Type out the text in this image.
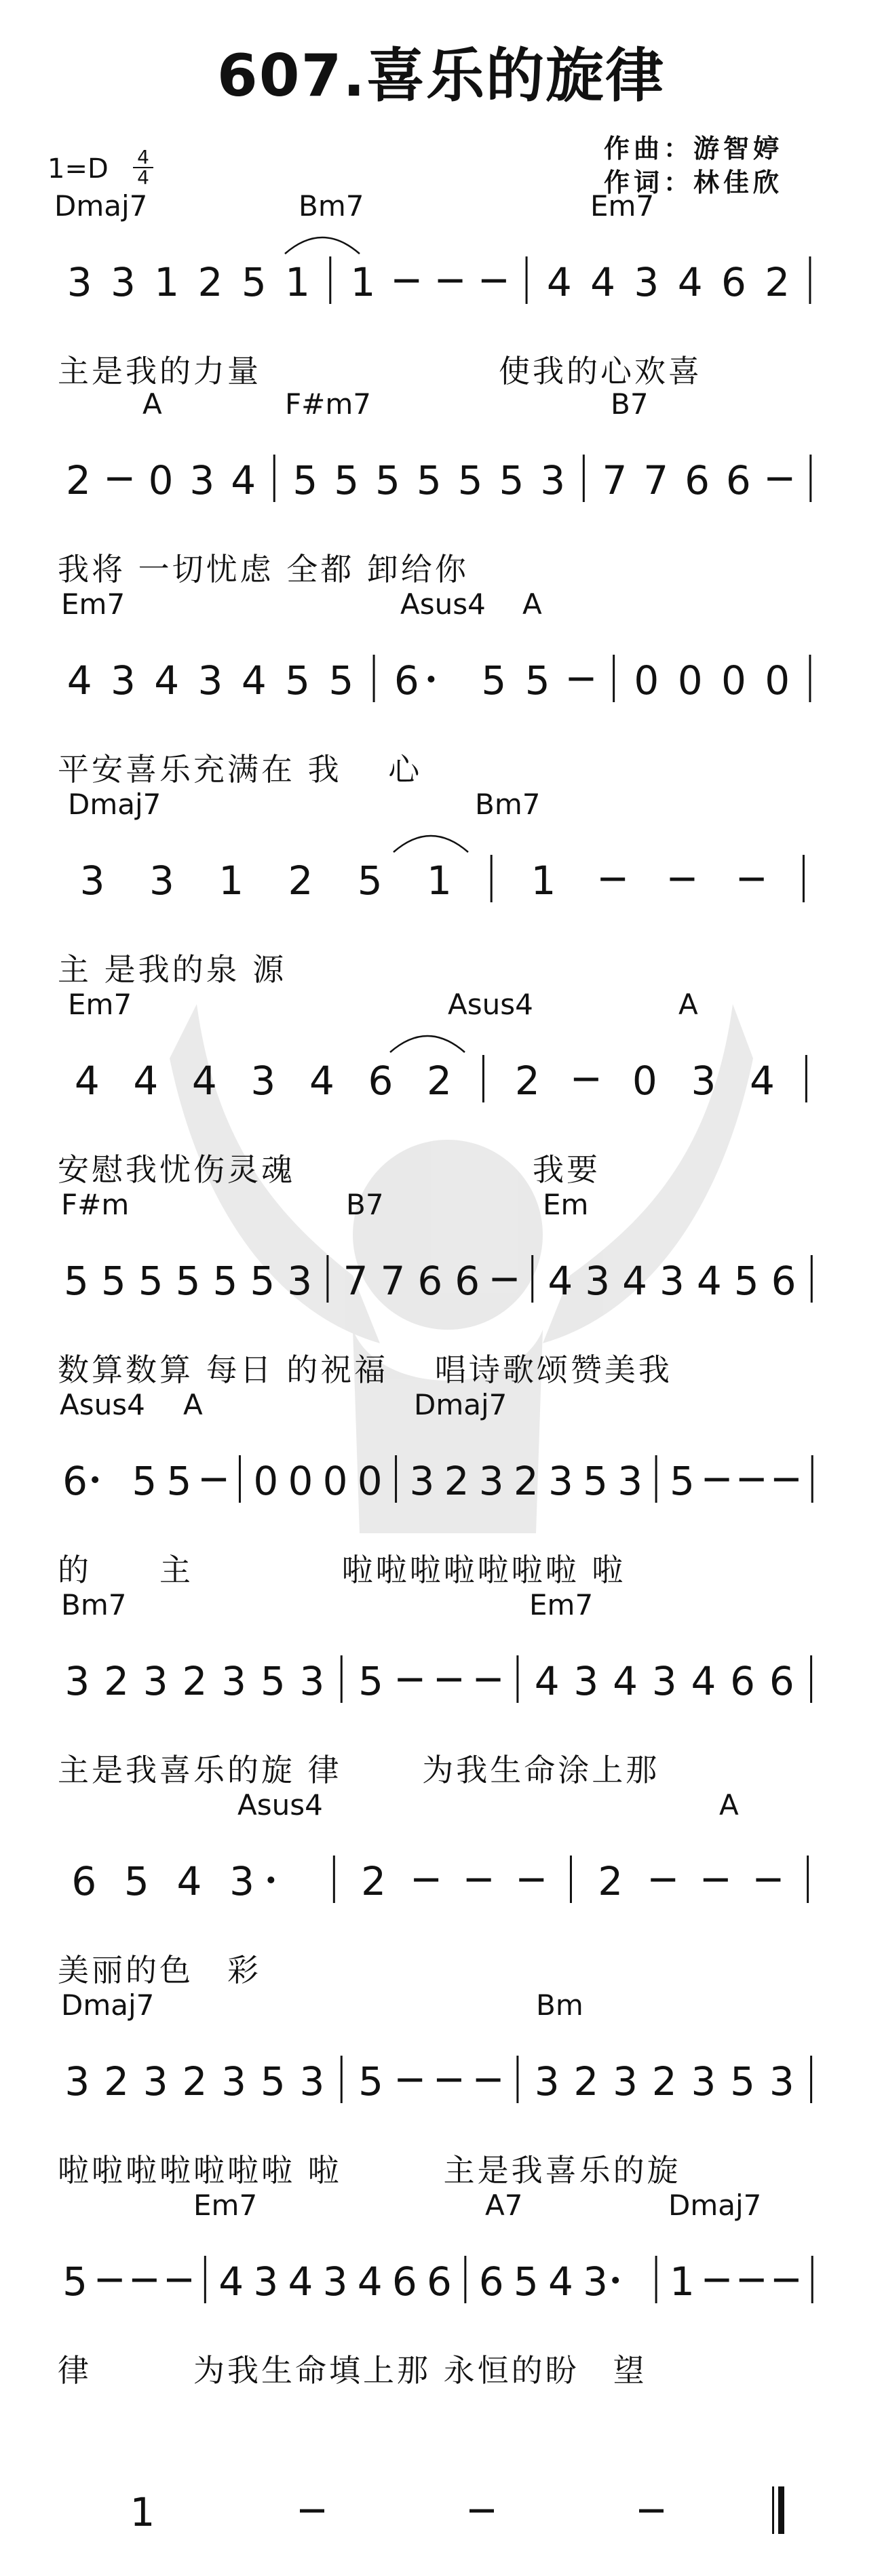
607.喜乐的旋律
作曲：游智婷
作词：林佳欣
1=D 4
4
Dmaj7	Bm7	Em7
3 3 1 2 5 1 1	4 4 3 4 6 2
主是我的力量　　　　　　　使我的心欢喜
A	F#m7	B7
2 0 3 4 5 5 5 5 5 5 3 7 7 6 6
我将 一切忧虑 全都 卸给你
Em7	Asus4 A
4 3 4 3 4 5 5 6 5 5 0 0 0 0
平安喜乐充满在 我　 心
Dmaj7	Bm7
3 3 1 2 5 1 1
主 是我的泉 源
Em7	Asus4	A
4 4 4 3 4 6 2 2 0 3 4
安慰我忧伤灵魂　　　　　　　我要
F#m	B7	Em
5 5 5 5 5 5 3 7 7 6 6 4 3 4 3 4 5 6
数算数算 每日 的祝福　 唱诗歌颂赞美我
Asus4 A	Dmaj7
6 5 5 0 0 0 0 3 2 3 2 3 5 3 5
的　　主　　　　 啦啦啦啦啦啦啦 啦
Bm7	Em7
3 2 3 2 3 5 3 5	4 3 4 3 4 6 6
主是我喜乐的旋 律　　 为我生命涂上那
Asus4	A
6 5 4 3	2	2
美丽的色　彩
Dmaj7	Bm
3 2 3 2 3 5 3 5	3 2 3 2 3 5 3
啦啦啦啦啦啦啦 啦　　　主是我喜乐的旋
Em7	A7	Dmaj7
5	4 3 4 3 4 6 6 6 5 4 3 1
律　　　为我生命填上那 永恒的盼　望
1
